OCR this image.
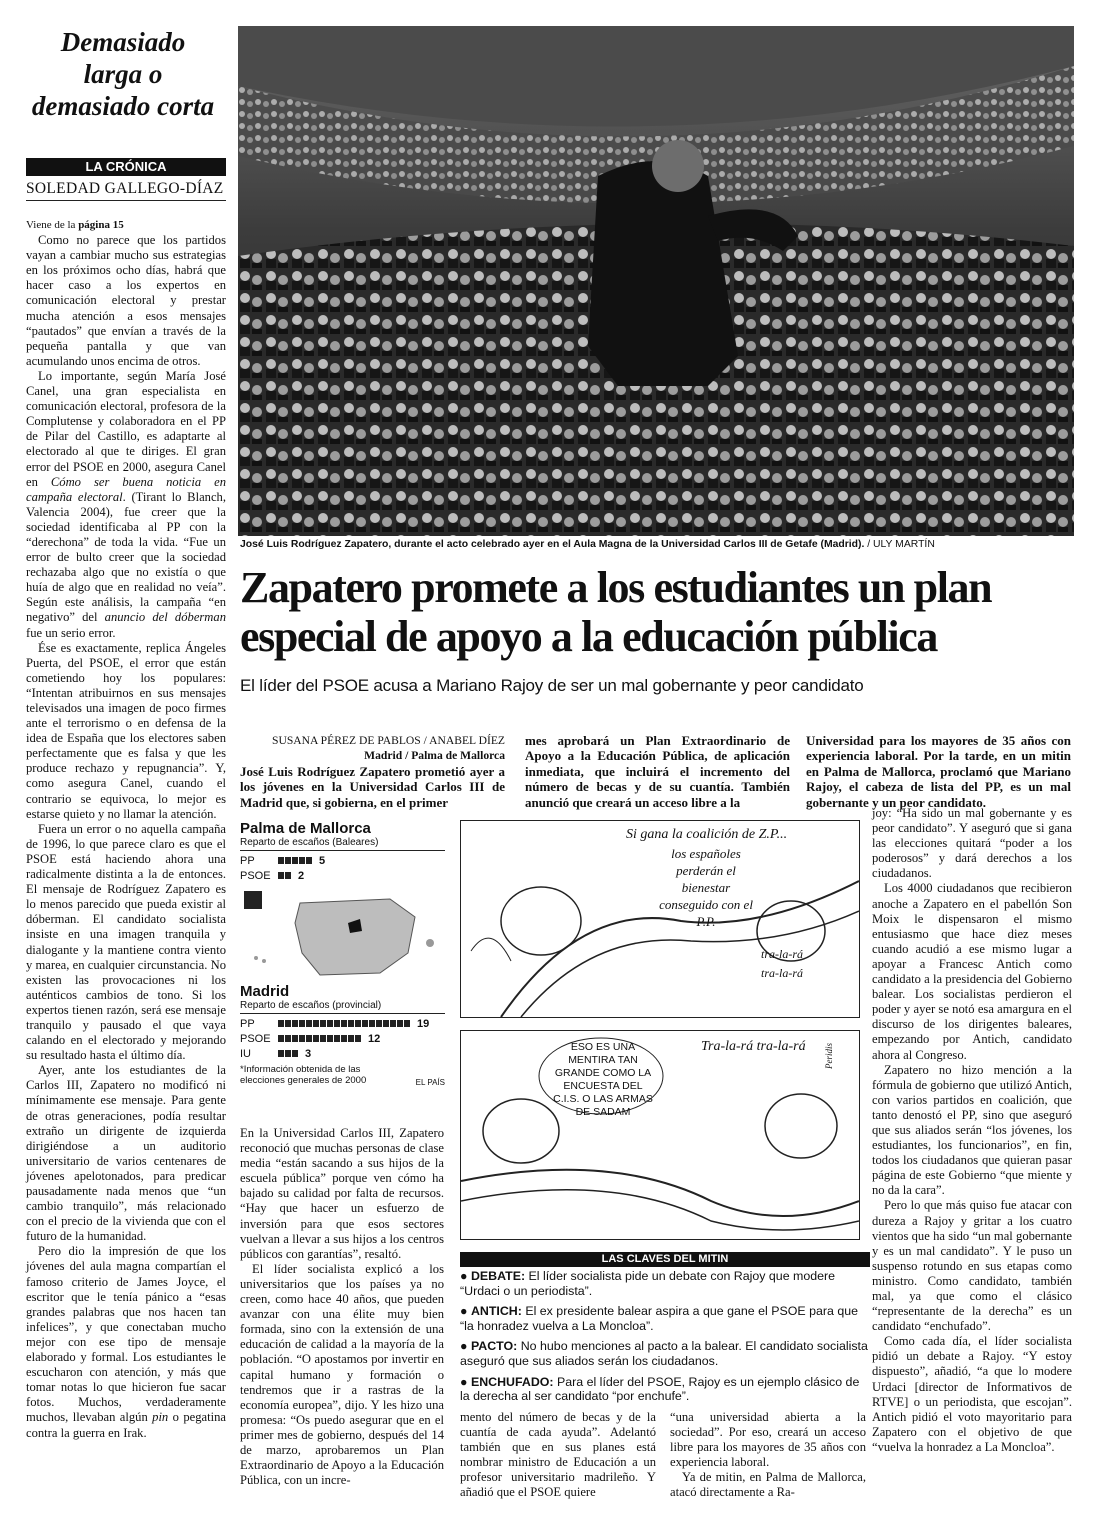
Demasiado
larga o
demasiado corta
LA CRÓNICA
SOLEDAD GALLEGO-DÍAZ

Viene de la página 15

Como no parece que los partidos vayan a cambiar mucho sus estrategias en los próximos ocho días, habrá que hacer caso a los expertos en comunicación electoral y prestar mucha atención a esos mensajes “pautados” que envían a través de la pequeña pantalla y que van acumulando unos encima de otros.

Lo importante, según María José Canel, una gran especialista en comunicación electoral, profesora de la Complutense y colaboradora en el PP de Pilar del Castillo, es adaptarte al electorado al que te diriges. El gran error del PSOE en 2000, asegura Canel en Cómo ser buena noticia en campaña electoral. (Tirant lo Blanch, Valencia 2004), fue creer que la sociedad identificaba al PP con la “derechona” de toda la vida. “Fue un error de bulto creer que la sociedad rechazaba algo que no existía o que huía de algo que en realidad no veía”. Según este análisis, la campaña “en negativo” del anuncio del dóberman fue un serio error.

Ése es exactamente, replica Ángeles Puerta, del PSOE, el error que están cometiendo hoy los populares: “Intentan atribuirnos en sus mensajes televisados una imagen de poco firmes ante el terrorismo o en defensa de la idea de España que los electores saben perfectamente que es falsa y que les produce rechazo y repugnancia”. Y, como asegura Canel, cuando el contrario se equivoca, lo mejor es estarse quieto y no llamar la atención.

Fuera un error o no aquella campaña de 1996, lo que parece claro es que el PSOE está haciendo ahora una radicalmente distinta a la de entonces. El mensaje de Rodríguez Zapatero es lo menos parecido que pueda existir al dóberman. El candidato socialista insiste en una imagen tranquila y dialogante y la mantiene contra viento y marea, en cualquier circunstancia. No existen las provocaciones ni los auténticos cambios de tono. Si los expertos tienen razón, será ese mensaje tranquilo y pausado el que vaya calando en el electorado y mejorando su resultado hasta el último día.

Ayer, ante los estudiantes de la Carlos III, Zapatero no modificó ni mínimamente ese mensaje. Para gente de otras generaciones, podía resultar extraño un dirigente de izquierda dirigiéndose a un auditorio universitario de varios centenares de jóvenes apelotonados, para predicar pausadamente nada menos que “un cambio tranquilo”, más relacionado con el precio de la vivienda que con el futuro de la humanidad.

Pero dio la impresión de que los jóvenes del aula magna compartían el famoso criterio de James Joyce, el escritor que le tenía pánico a “esas grandes palabras que nos hacen tan infelices”, y que conectaban mucho mejor con ese tipo de mensaje elaborado y formal. Los estudiantes le escucharon con atención, y más que tomar notas lo que hicieron fue sacar fotos. Muchos, verdaderamente muchos, llevaban algún pin o pegatina contra la guerra en Irak.

José Luis Rodríguez Zapatero, durante el acto celebrado ayer en el Aula Magna de la Universidad Carlos III de Getafe (Madrid). / ULY MARTÍN
Zapatero promete a los estudiantes un plan
especial de apoyo a la educación pública
El líder del PSOE acusa a Mariano Rajoy de ser un mal gobernante y peor candidato
SUSANA PÉREZ DE PABLOS / ANABEL DÍEZ
Madrid / Palma de Mallorca
José Luis Rodríguez Zapatero prometió ayer a los jóvenes en la Universidad Carlos III de Madrid que, si gobierna, en el primer
mes aprobará un Plan Extraordinario de Apoyo a la Educación Pública, de aplicación inmediata, que incluirá el incremento del número de becas y de su cuantía. También anunció que creará un acceso libre a la
Universidad para los mayores de 35 años con experiencia laboral. Por la tarde, en un mitin en Palma de Mallorca, proclamó que Mariano Rajoy, el cabeza de lista del PP, es un mal gobernante y un peor candidato.
Palma de Mallorca
Reparto de escaños (Baleares)
PP	5
PSOE	2
Madrid
Reparto de escaños (provincial)
PP	19
PSOE	12
IU	3
*Información obtenida de las elecciones generales de 2000	EL PAÍS
Si gana la coalición de Z.P...
los españoles perderán el bienestar conseguido con el P.P.
tra-la-rá
tra-la-rá
ESO ES UNA MENTIRA TAN GRANDE COMO LA ENCUESTA DEL C.I.S. O LAS ARMAS DE SADAM
Tra-la-rá tra-la-rá	Peridis
LAS CLAVES DEL MITIN
● DEBATE: El líder socialista pide un debate con Rajoy que modere “Urdaci o un periodista”.
● ANTICH: El ex presidente balear aspira a que gane el PSOE para que “la honradez vuelva a La Moncloa”.
● PACTO: No hubo menciones al pacto a la balear. El candidato socialista aseguró que sus aliados serán los ciudadanos.
● ENCHUFADO: Para el líder del PSOE, Rajoy es un ejemplo clásico de la derecha al ser candidato “por enchufe”.

En la Universidad Carlos III, Zapatero reconoció que muchas personas de clase media “están sacando a sus hijos de la escuela pública” porque ven cómo ha bajado su calidad por falta de recursos. “Hay que hacer un esfuerzo de inversión para que esos sectores vuelvan a llevar a sus hijos a los centros públicos con garantías”, resaltó.

El líder socialista explicó a los universitarios que los países ya no creen, como hace 40 años, que pueden avanzar con una élite muy bien formada, sino con la extensión de una educación de calidad a la mayoría de la población. “O apostamos por invertir en capital humano y formación o tendremos que ir a rastras de la economía europea”, dijo. Y les hizo una promesa: “Os puedo asegurar que en el primer mes de gobierno, después del 14 de marzo, aprobaremos un Plan Extraordinario de Apoyo a la Educación Pública, con un incre-

mento del número de becas y de la cuantía de cada ayuda”. Adelantó también que en sus planes está nombrar ministro de Educación a un profesor universitario madrileño. Y añadió que el PSOE quiere

“una universidad abierta a la sociedad”. Por eso, creará un acceso libre para los mayores de 35 años con experiencia laboral.

Ya de mitin, en Palma de Mallorca, atacó directamente a Ra-

joy: “Ha sido un mal gobernante y es peor candidato”. Y aseguró que si gana las elecciones quitará “poder a los poderosos” y dará derechos a los ciudadanos.

Los 4000 ciudadanos que recibieron anoche a Zapatero en el pabellón Son Moix le dispensaron el mismo entusiasmo que hace diez meses cuando acudió a ese mismo lugar a apoyar a Francesc Antich como candidato a la presidencia del Gobierno balear. Los socialistas perdieron el poder y ayer se notó esa amargura en el discurso de los dirigentes baleares, empezando por Antich, candidato ahora al Congreso.

Zapatero no hizo mención a la fórmula de gobierno que utilizó Antich, con varios partidos en coalición, que tanto denostó el PP, sino que aseguró que sus aliados serán “los jóvenes, los estudiantes, los funcionarios”, en fin, todos los ciudadanos que quieran pasar página de este Gobierno “que miente y no da la cara”.

Pero lo que más quiso fue atacar con dureza a Rajoy y gritar a los cuatro vientos que ha sido “un mal gobernante y es un mal candidato”. Y le puso un suspenso rotundo en sus etapas como ministro. Como candidato, también mal, ya que como el clásico “representante de la derecha” es un candidato “enchufado”.

Como cada día, el líder socialista pidió un debate a Rajoy. “Y estoy dispuesto”, añadió, “a que lo modere Urdaci [director de Informativos de RTVE] o un periodista, que escojan”. Antich pidió el voto mayoritario para Zapatero con el objetivo de que “vuelva la honradez a La Moncloa”.
